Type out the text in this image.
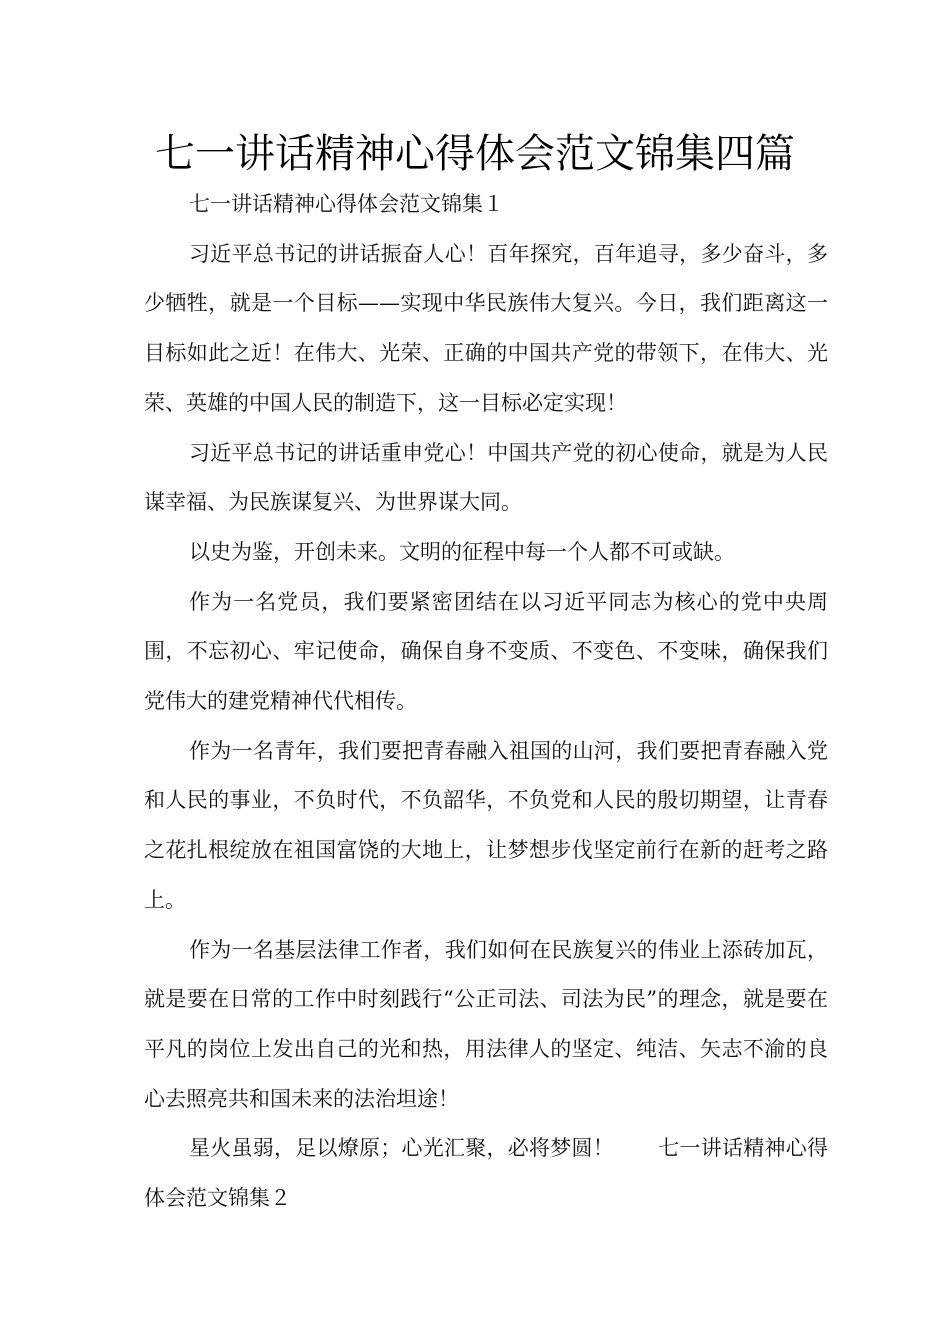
七一讲话精神心得体会范文锦集四篇

七一讲话精神心得体会范文锦集１

习近平总书记的讲话振奋人心！百年探究，百年追寻，多少奋斗，多少牺牲，就是一个目标——实现中华民族伟大复兴。今日，我们距离这一目标如此之近！在伟大、光荣、正确的中国共产党的带领下，在伟大、光荣、英雄的中国人民的制造下，这一目标必定实现！

习近平总书记的讲话重申党心！中国共产党的初心使命，就是为人民谋幸福、为民族谋复兴、为世界谋大同。

以史为鉴，开创未来。文明的征程中每一个人都不可或缺。

作为一名党员，我们要紧密团结在以习近平同志为核心的党中央周围，不忘初心、牢记使命，确保自身不变质、不变色、不变味，确保我们党伟大的建党精神代代相传。

作为一名青年，我们要把青春融入祖国的山河，我们要把青春融入党和人民的事业，不负时代，不负韶华，不负党和人民的殷切期望，让青春之花扎根绽放在祖国富饶的大地上，让梦想步伐坚定前行在新的赶考之路上。

作为一名基层法律工作者，我们如何在民族复兴的伟业上添砖加瓦，就是要在日常的工作中时刻践行“公正司法、司法为民”的理念，就是要在平凡的岗位上发出自己的光和热，用法律人的坚定、纯洁、矢志不渝的良心去照亮共和国未来的法治坦途！

星火虽弱，足以燎原；心光汇聚，必将梦圆！ 七一讲话精神心得体会范文锦集２
